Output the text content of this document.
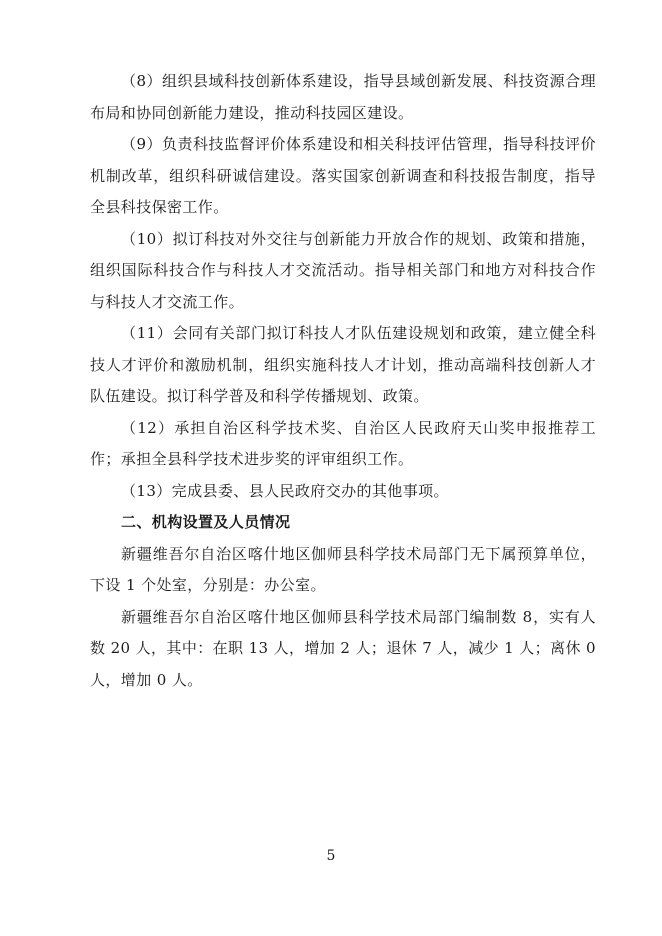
（8）组织县域科技创新体系建设，指导县域创新发展、科技资源合理布局和协同创新能力建设，推动科技园区建设。

（9）负责科技监督评价体系建设和相关科技评估管理，指导科技评价机制改革，组织科研诚信建设。落实国家创新调查和科技报告制度，指导全县科技保密工作。

（10）拟订科技对外交往与创新能力开放合作的规划、政策和措施，组织国际科技合作与科技人才交流活动。指导相关部门和地方对科技合作与科技人才交流工作。

（11）会同有关部门拟订科技人才队伍建设规划和政策，建立健全科技人才评价和激励机制，组织实施科技人才计划，推动高端科技创新人才队伍建设。拟订科学普及和科学传播规划、政策。

（12）承担自治区科学技术奖、自治区人民政府天山奖申报推荐工作；承担全县科学技术进步奖的评审组织工作。

（13）完成县委、县人民政府交办的其他事项。

二、机构设置及人员情况

新疆维吾尔自治区喀什地区伽师县科学技术局部门无下属预算单位，下设 1 个处室，分别是：办公室。

新疆维吾尔自治区喀什地区伽师县科学技术局部门编制数 8，实有人数 20 人，其中：在职 13 人，增加 2 人；退休 7 人，减少 1 人；离休 0 人，增加 0 人。

5
